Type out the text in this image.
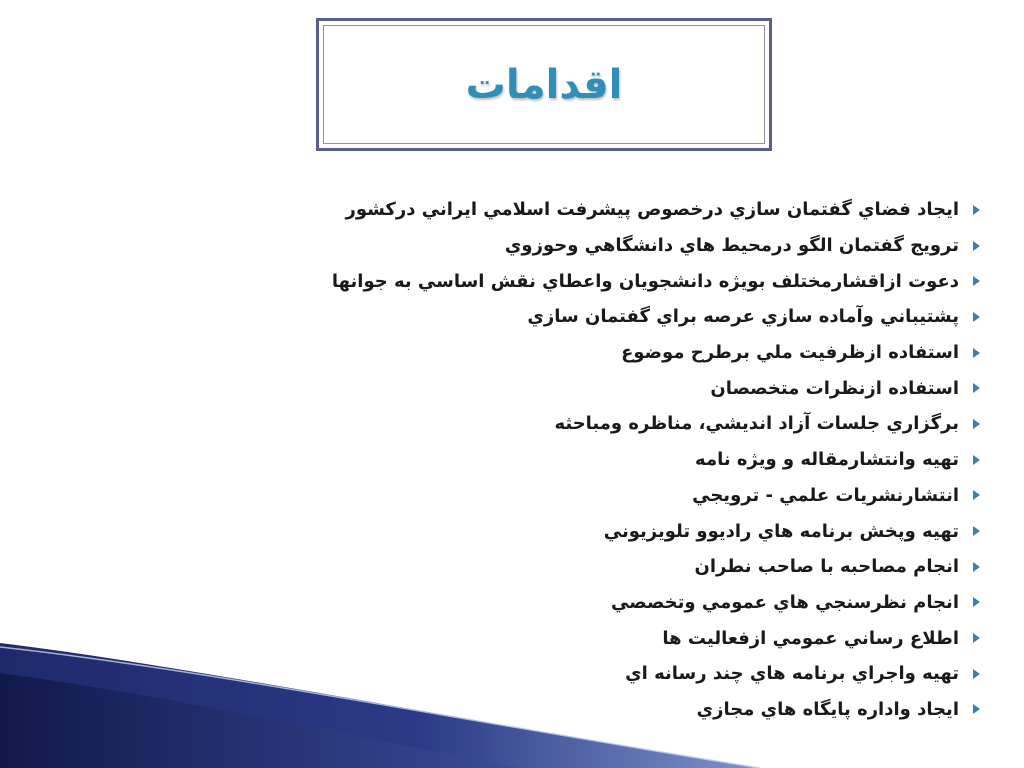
اقدامات
ايجاد فضاي گفتمان سازي درخصوص پيشرفت اسلامي ايراني دركشور
ترويج گفتمان الگو درمحيط هاي دانشگاهي وحوزوي
دعوت ازاقشارمختلف بويژه دانشجويان واعطاي نقش اساسي به جوانها
پشتيباني وآماده سازي عرصه براي گفتمان سازي
استفاده ازظرفيت ملي برطرح موضوع
استفاده ازنظرات متخصصان
برگزاري جلسات آزاد انديشي، مناظره ومباحثه
تهيه وانتشارمقاله و ويژه نامه
انتشارنشريات علمي - ترويجي
تهيه وپخش برنامه هاي راديوو تلويزيوني
انجام مصاحبه با صاحب نطران
انجام نظرسنجي هاي عمومي وتخصصي
اطلاع رساني عمومي ازفعاليت ها
تهيه واجراي برنامه هاي چند رسانه اي
ايجاد واداره پايگاه هاي مجازي
